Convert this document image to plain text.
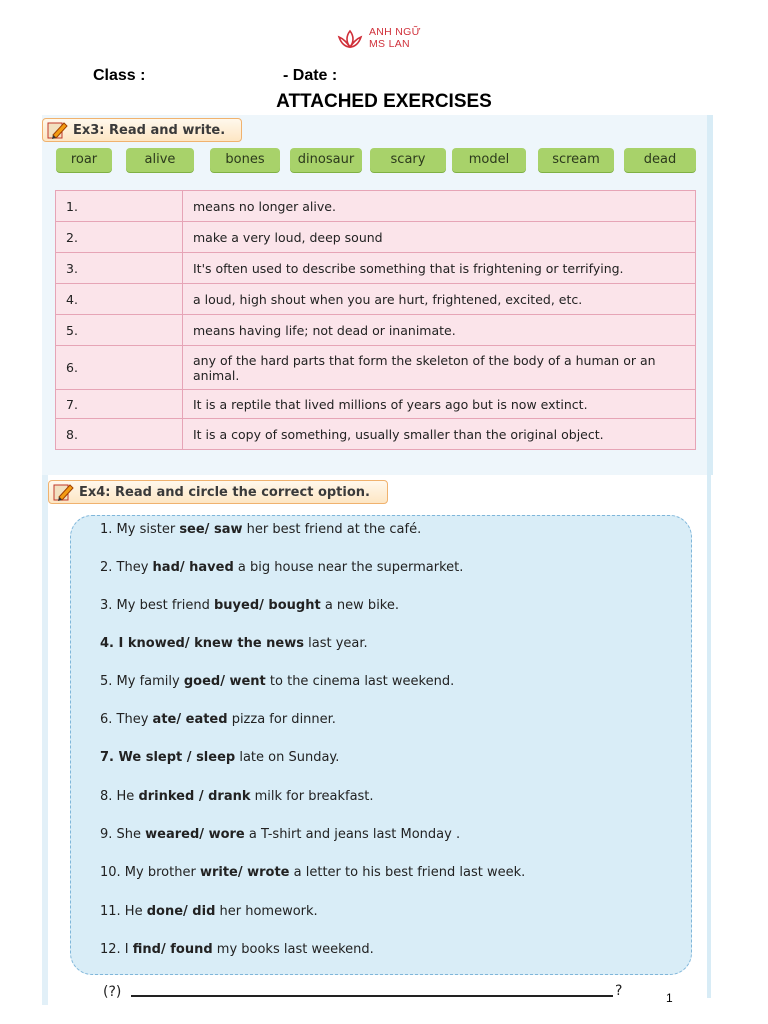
ANH NGỮ
MS LAN
Class :	- Date :
ATTACHED EXERCISES
Ex3: Read and write.
roar	alive	bones	dinosaur	scary	model	scream	dead
1.	means no longer alive.
2.	make a very loud, deep sound
3.	It's often used to describe something that is frightening or terrifying.
4.	a loud, high shout when you are hurt, frightened, excited, etc.
5.	means having life; not dead or inanimate.
6.	any of the hard parts that form the skeleton of the body of a human or an animal.
7.	It is a reptile that lived millions of years ago but is now extinct.
8.	It is a copy of something, usually smaller than the original object.
Ex4: Read and circle the correct option.
1. My sister see/ saw her best friend at the café.
2. They had/ haved a big house near the supermarket.
3. My best friend buyed/ bought a new bike.
4. I knowed/ knew the news last year.
5. My family goed/ went to the cinema last weekend.
6. They ate/ eated pizza for dinner.
7. We slept / sleep late on Sunday.
8. He drinked / drank milk for breakfast.
9. She weared/ wore a T-shirt and jeans last Monday .
10. My brother write/ wrote a letter to his best friend last week.
11. He done/ did her homework.
12. I find/ found my books last weekend.
(?)	?	1
